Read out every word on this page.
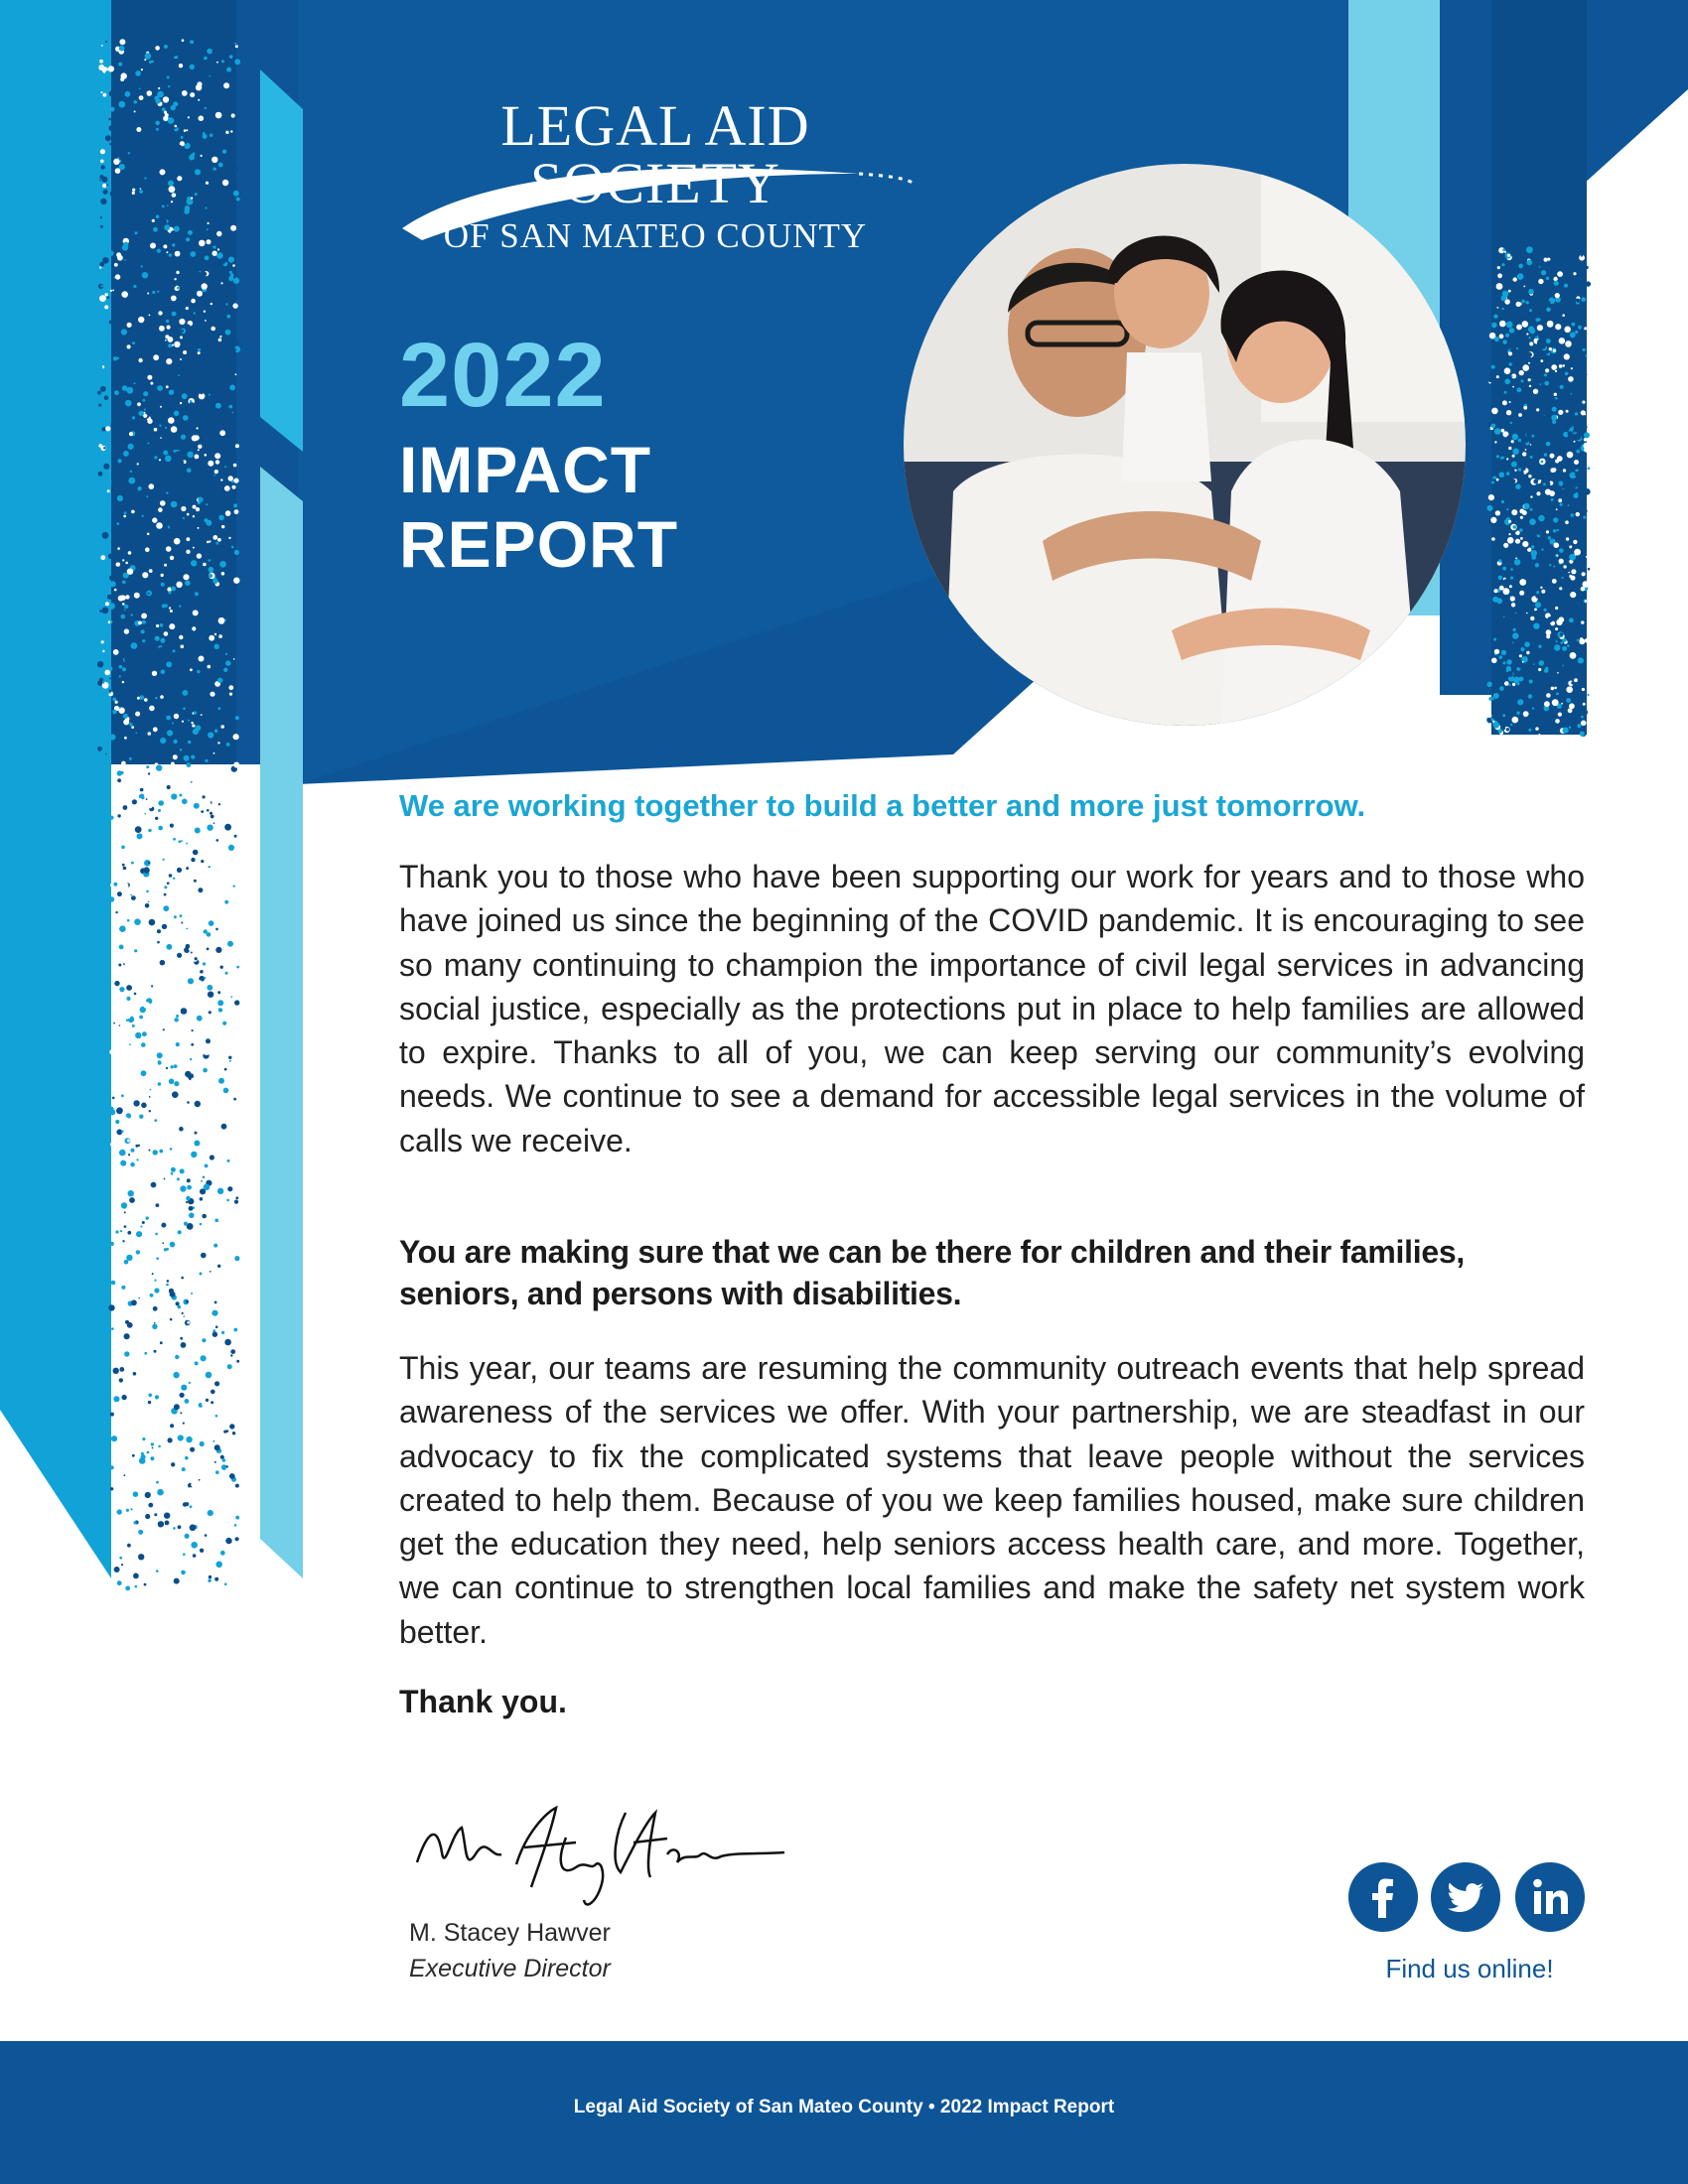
LEGAL AID SOCIETY
OF SAN MATEO COUNTY
2022
IMPACT
REPORT
We are working together to build a better and more just tomorrow.
Thank you to those who have been supporting our work for years and to those who have joined us since the beginning of the COVID pandemic. It is encouraging to see so many continuing to champion the importance of civil legal services in advancing social justice, especially as the protections put in place to help families are allowed to expire. Thanks to all of you, we can keep serving our community’s evolving needs. We continue to see a demand for accessible legal services in the volume of calls we receive.
You are making sure that we can be there for children and their families, seniors, and persons with disabilities.
This year, our teams are resuming the community outreach events that help spread awareness of the services we offer. With your partnership, we are steadfast in our advocacy to fix the complicated systems that leave people without the services created to help them. Because of you we keep families housed, make sure children get the education they need, help seniors access health care, and more. Together, we can continue to strengthen local families and make the safety net system work better.
Thank you.
M. Stacey Hawver
Executive Director	Find us online!
Legal Aid Society of San Mateo County • 2022 Impact Report
